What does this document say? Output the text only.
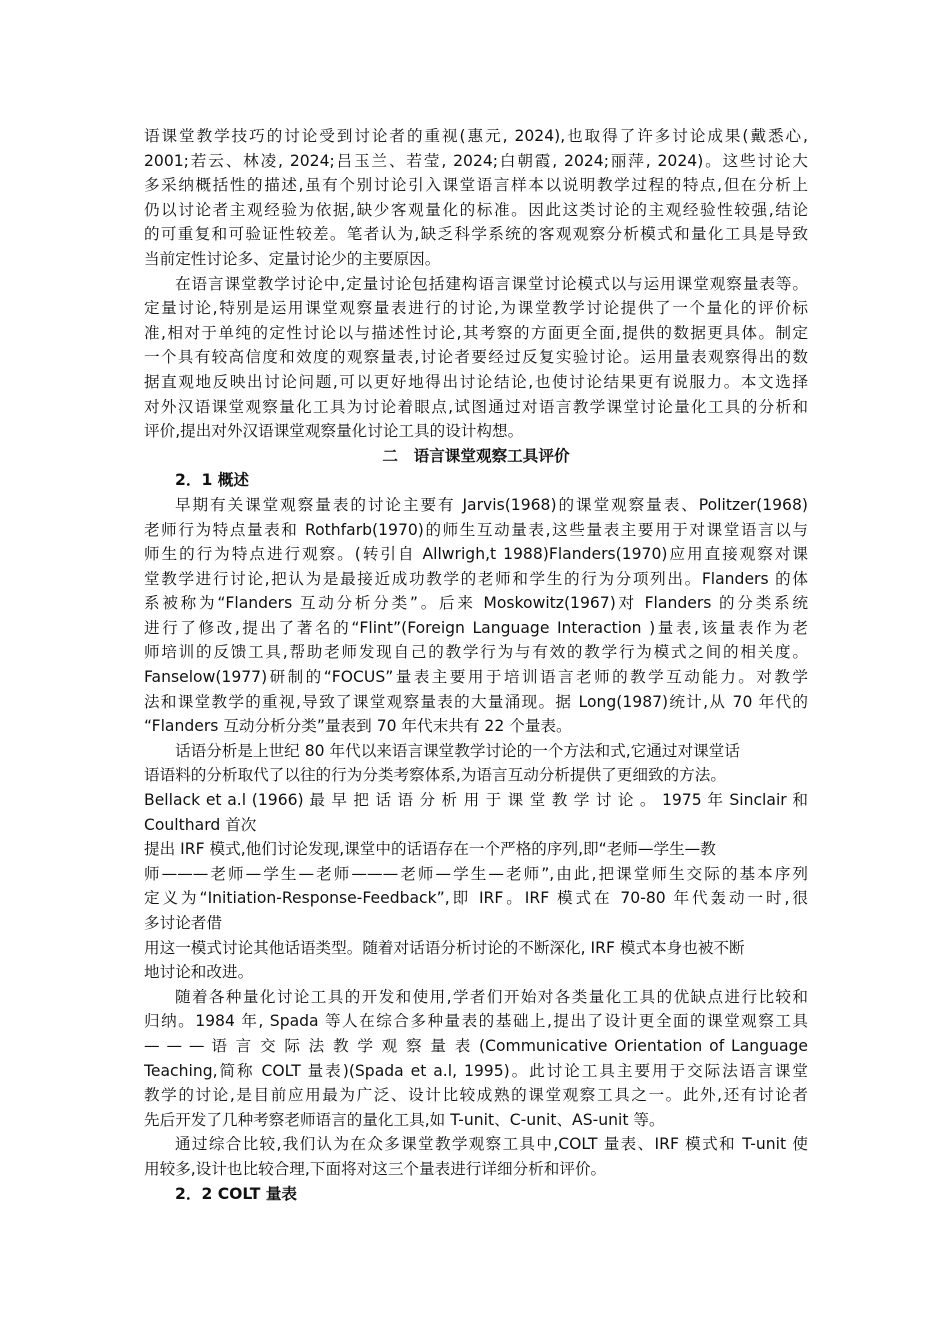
语课堂教学技巧的讨论受到讨论者的重视(惠元, 2024),也取得了许多讨论成果(戴悉心,
2001;若云、林凌, 2024;吕玉兰、若莹, 2024;白朝霞, 2024;丽萍, 2024)。这些讨论大
多采纳概括性的描述,虽有个别讨论引入课堂语言样本以说明教学过程的特点,但在分析上
仍以讨论者主观经验为依据,缺少客观量化的标准。因此这类讨论的主观经验性较强,结论
的可重复和可验证性较差。笔者认为,缺乏科学系统的客观观察分析模式和量化工具是导致
当前定性讨论多、定量讨论少的主要原因。
在语言课堂教学讨论中,定量讨论包括建构语言课堂讨论模式以与运用课堂观察量表等。
定量讨论,特别是运用课堂观察量表进行的讨论,为课堂教学讨论提供了一个量化的评价标
准,相对于单纯的定性讨论以与描述性讨论,其考察的方面更全面,提供的数据更具体。制定
一个具有较高信度和效度的观察量表,讨论者要经过反复实验讨论。运用量表观察得出的数
据直观地反映出讨论问题,可以更好地得出讨论结论,也使讨论结果更有说服力。本文选择
对外汉语课堂观察量化工具为讨论着眼点,试图通过对语言教学课堂讨论量化工具的分析和
评价,提出对外汉语课堂观察量化讨论工具的设计构想。
二　语言课堂观察工具评价
2．1 概述
早期有关课堂观察量表的讨论主要有 Jarvis(1968)的课堂观察量表、Politzer(1968)
老师行为特点量表和 Rothfarb(1970)的师生互动量表,这些量表主要用于对课堂语言以与
师生的行为特点进行观察。(转引自 Allwrigh,t 1988)Flanders(1970)应用直接观察对课
堂教学进行讨论,把认为是最接近成功教学的老师和学生的行为分项列出。Flanders 的体
系被称为“Flanders 互动分析分类”。后来 Moskowitz(1967)对 Flanders 的分类系统
进行了修改,提出了著名的“Flint”(Foreign Language Interaction )量表,该量表作为老
师培训的反馈工具,帮助老师发现自己的教学行为与有效的教学行为模式之间的相关度。
Fanselow(1977)研制的“FOCUS”量表主要用于培训语言老师的教学互动能力。对教学
法和课堂教学的重视,导致了课堂观察量表的大量涌现。据 Long(1987)统计,从 70 年代的
“Flanders 互动分析分类”量表到 70 年代末共有 22 个量表。
话语分析是上世纪 80 年代以来语言课堂教学讨论的一个方法和式,它通过对课堂话
语语料的分析取代了以往的行为分类考察体系,为语言互动分析提供了更细致的方法。
Bellack et a.l (1966) 最 早 把 话 语 分 析 用 于 课 堂 教 学 讨 论 。 1975 年 Sinclair 和
Coulthard 首次
提出 IRF 模式,他们讨论发现,课堂中的话语存在一个严格的序列,即“老师—学生—教
师———老师—学生—老师———老师—学生—老师”,由此,把课堂师生交际的基本序列
定义为“Initiation-Response-Feedback”,即 IRF。IRF 模式在 70-80 年代轰动一时,很
多讨论者借
用这一模式讨论其他话语类型。随着对话语分析讨论的不断深化, IRF 模式本身也被不断
地讨论和改进。
随着各种量化讨论工具的开发和使用,学者们开始对各类量化工具的优缺点进行比较和
归纳。1984 年, Spada 等人在综合多种量表的基础上,提出了设计更全面的课堂观察工具
— — — 语 言 交 际 法 教 学 观 察 量 表 (Communicative Orientation of Language
Teaching,简称 COLT 量表)(Spada et a.l, 1995)。此讨论工具主要用于交际法语言课堂
教学的讨论,是目前应用最为广泛、设计比较成熟的课堂观察工具之一。此外,还有讨论者
先后开发了几种考察老师语言的量化工具,如 T-unit、C-unit、AS-unit 等。
通过综合比较,我们认为在众多课堂教学观察工具中,COLT 量表、IRF 模式和 T-unit 使
用较多,设计也比较合理,下面将对这三个量表进行详细分析和评价。
2．2 COLT 量表
